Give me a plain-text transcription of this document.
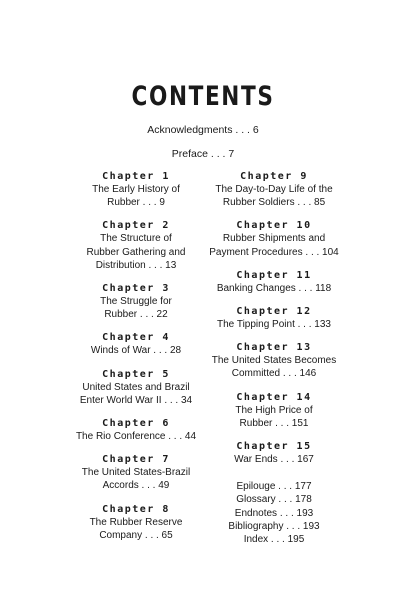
CONTENTS
Acknowledgments . . . 6
Preface . . . 7
Chapter 1
The Early History of
Rubber . . . 9
Chapter 2
The Structure of
Rubber Gathering and
Distribution . . . 13
Chapter 3
The Struggle for
Rubber . . . 22
Chapter 4
Winds of War . . . 28
Chapter 5
United States and Brazil
Enter World War II . . . 34
Chapter 6
The Rio Conference . . . 44
Chapter 7
The United States-Brazil
Accords . . . 49
Chapter 8
The Rubber Reserve
Company . . . 65
Chapter 9
The Day-to-Day Life of the
Rubber Soldiers . . . 85
Chapter 10
Rubber Shipments and
Payment Procedures . . . 104
Chapter 11
Banking Changes . . . 118
Chapter 12
The Tipping Point . . . 133
Chapter 13
The United States Becomes
Committed . . . 146
Chapter 14
The High Price of
Rubber . . . 151
Chapter 15
War Ends . . . 167
Epilouge . . . 177
Glossary . . . 178
Endnotes . . . 193
Bibliography . . . 193
Index . . . 195
